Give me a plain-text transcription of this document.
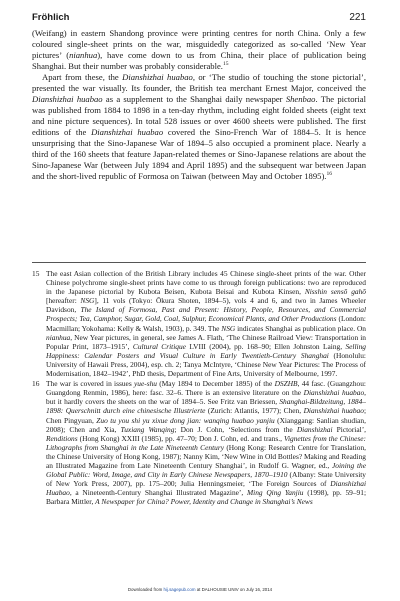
Fröhlich	221

(Weifang) in eastern Shandong province were printing centres for north China. Only a few coloured single-sheet prints on the war, misguidedly categorized as so-called ‘New Year pictures’ (nianhua), have come down to us from China, their place of publication being Shanghai. But their number was probably considerable.$^{15}$

Apart from these, the Dianshizhai huabao, or ‘The studio of touching the stone pictorial’, presented the war visually. Its founder, the British tea merchant Ernest Major, conceived the Dianshizhai huabao as a supplement to the Shanghai daily newspaper Shenbao. The pictorial was published from 1884 to 1898 in a ten-day rhythm, including eight folded sheets (eight text and nine picture sequences). In total 528 issues or over 4600 sheets were published. The first editions of the Dianshizhai huabao covered the Sino-French War of 1884–5. It is hence unsurprising that the Sino-Japanese War of 1894–5 also occupied a prominent place. Nearly a third of the 160 sheets that feature Japan-related themes or Sino-Japanese relations are about the Sino-Japanese War (between July 1894 and April 1895) and the subsequent war between Japan and the short-lived republic of Formosa on Taiwan (between May and October 1895).$^{16}$

15 The east Asian collection of the British Library includes 45 Chinese single-sheet prints of the war. Other Chinese polychrome single-sheet prints have come to us through foreign publications: two are reproduced in the Japanese pictorial by Kubota Beisen, Kubota Beisai and Kubota Kinsen, Nisshin sensō gahō [hereafter: NSG], 11 vols (Tokyo: Ōkura Shoten, 1894–5), vols 4 and 6, and two in James Wheeler Davidson, The Island of Formosa, Past and Present: History, People, Resources, and Commercial Prospects; Tea, Camphor, Sugar, Gold, Coal, Sulphur, Economical Plants, and Other Productions (London: Macmillan; Yokohama: Kelly & Walsh, 1903), p. 349. The NSG indicates Shanghai as publication place. On nianhua, New Year pictures, in general, see James A. Flath, ‘The Chinese Railroad View: Transportation in Popular Print, 1873–1915’, Cultural Critique LVIII (2004), pp. 168–90; Ellen Johnston Laing, Selling Happiness: Calendar Posters and Visual Culture in Early Twentieth-Century Shanghai (Honolulu: University of Hawaii Press, 2004), esp. ch. 2; Tanya McIntyre, ‘Chinese New Year Pictures: The Process of Modernisation, 1842–1942’, PhD thesis, Department of Fine Arts, University of Melbourne, 1997.
16 The war is covered in issues yue-shu (May 1894 to December 1895) of the DSZHB, 44 fasc. (Guangzhou: Guangdong Renmin, 1986), here: fasc. 32–6. There is an extensive literature on the Dianshizhai huabao, but it hardly covers the sheets on the war of 1894–5. See Fritz van Briessen, Shanghai-Bildzeitung, 1884–1898: Querschnitt durch eine chinesische Illustrierte (Zurich: Atlantis, 1977); Chen, Dianshizhai huabao; Chen Pingyuan, Zuo tu you shi yu xixue dong jian: wanqing huabao yanjiu (Xianggang: Sanlian shudian, 2008); Chen and Xia, Tuxiang Wanqing; Don J. Cohn, ‘Selections from the Dianshizhai Pictorial’, Renditions (Hong Kong) XXIII (1985), pp. 47–70; Don J. Cohn, ed. and trans., Vignettes from the Chinese: Lithographs from Shanghai in the Late Nineteenth Century (Hong Kong: Research Centre for Translation, the Chinese University of Hong Kong, 1987); Nanny Kim, ‘New Wine in Old Bottles? Making and Reading an Illustrated Magazine from Late Nineteenth Century Shanghai’, in Rudolf G. Wagner, ed., Joining the Global Public: Word, Image, and City in Early Chinese Newspapers, 1870–1910 (Albany: State University of New York Press, 2007), pp. 175–200; Julia Henningsmeier, ‘The Foreign Sources of Dianshizhai Huabao, a Nineteenth-Century Shanghai Illustrated Magazine’, Ming Qing Yanjiu (1998), pp. 59–91; Barbara Mittler, A Newspaper for China? Power, Identity and Change in Shanghai’s News
Downloaded from hij.sagepub.com at DALHOUSIE UNIV on July 16, 2014
